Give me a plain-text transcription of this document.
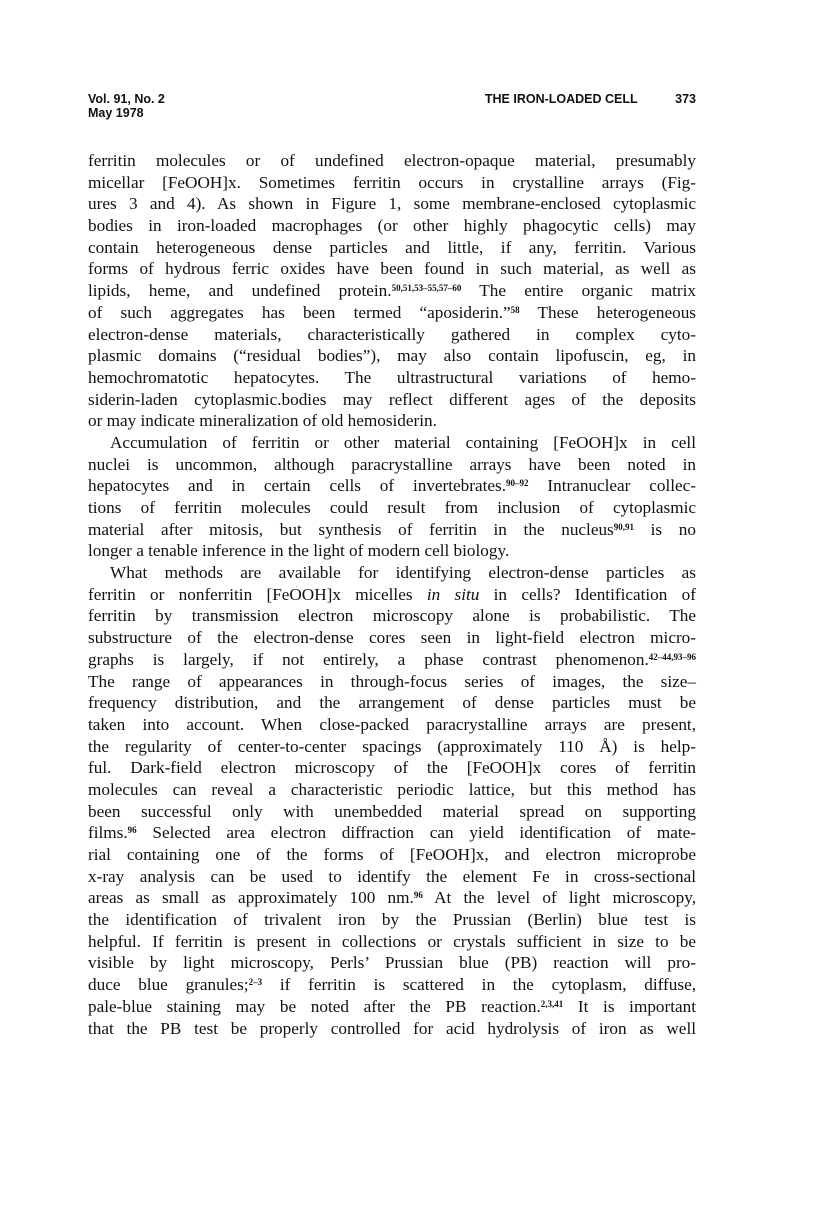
Vol. 91, No. 2
May 1978
THE IRON-LOADED CELL	373
ferritin molecules or of undefined electron-opaque material, presumably
micellar [FeOOH]x. Sometimes ferritin occurs in crystalline arrays (Fig-
ures 3 and 4). As shown in Figure 1, some membrane-enclosed cytoplasmic
bodies in iron-loaded macrophages (or other highly phagocytic cells) may
contain heterogeneous dense particles and little, if any, ferritin. Various
forms of hydrous ferric oxides have been found in such material, as well as
lipids, heme, and undefined protein.$^{50,51,53-55,57-60}$ The entire organic matrix
of such aggregates has been termed “aposiderin.”$^{58}$ These heterogeneous
electron-dense materials, characteristically gathered in complex cyto-
plasmic domains (“residual bodies”), may also contain lipofuscin, eg, in
hemochromatotic hepatocytes. The ultrastructural variations of hemo-
siderin-laden cytoplasmic.bodies may reflect different ages of the deposits
or may indicate mineralization of old hemosiderin.
Accumulation of ferritin or other material containing [FeOOH]x in cell
nuclei is uncommon, although paracrystalline arrays have been noted in
hepatocytes and in certain cells of invertebrates.$^{90-92}$ Intranuclear collec-
tions of ferritin molecules could result from inclusion of cytoplasmic
material after mitosis, but synthesis of ferritin in the nucleus$^{90,91}$ is no
longer a tenable inference in the light of modern cell biology.
What methods are available for identifying electron-dense particles as
ferritin or nonferritin [FeOOH]x micelles in situ in cells? Identification of
ferritin by transmission electron microscopy alone is probabilistic. The
substructure of the electron-dense cores seen in light-field electron micro-
graphs is largely, if not entirely, a phase contrast phenomenon.$^{42-44,93-96}$
The range of appearances in through-focus series of images, the size–
frequency distribution, and the arrangement of dense particles must be
taken into account. When close-packed paracrystalline arrays are present,
the regularity of center-to-center spacings (approximately 110 Å) is help-
ful. Dark-field electron microscopy of the [FeOOH]x cores of ferritin
molecules can reveal a characteristic periodic lattice, but this method has
been successful only with unembedded material spread on supporting
films.$^{96}$ Selected area electron diffraction can yield identification of mate-
rial containing one of the forms of [FeOOH]x, and electron microprobe
x-ray analysis can be used to identify the element Fe in cross-sectional
areas as small as approximately 100 nm.$^{96}$ At the level of light microscopy,
the identification of trivalent iron by the Prussian (Berlin) blue test is
helpful. If ferritin is present in collections or crystals sufficient in size to be
visible by light microscopy, Perls’ Prussian blue (PB) reaction will pro-
duce blue granules;$^{2-3}$ if ferritin is scattered in the cytoplasm, diffuse,
pale-blue staining may be noted after the PB reaction.$^{2,3,41}$ It is important
that the PB test be properly controlled for acid hydrolysis of iron as well
